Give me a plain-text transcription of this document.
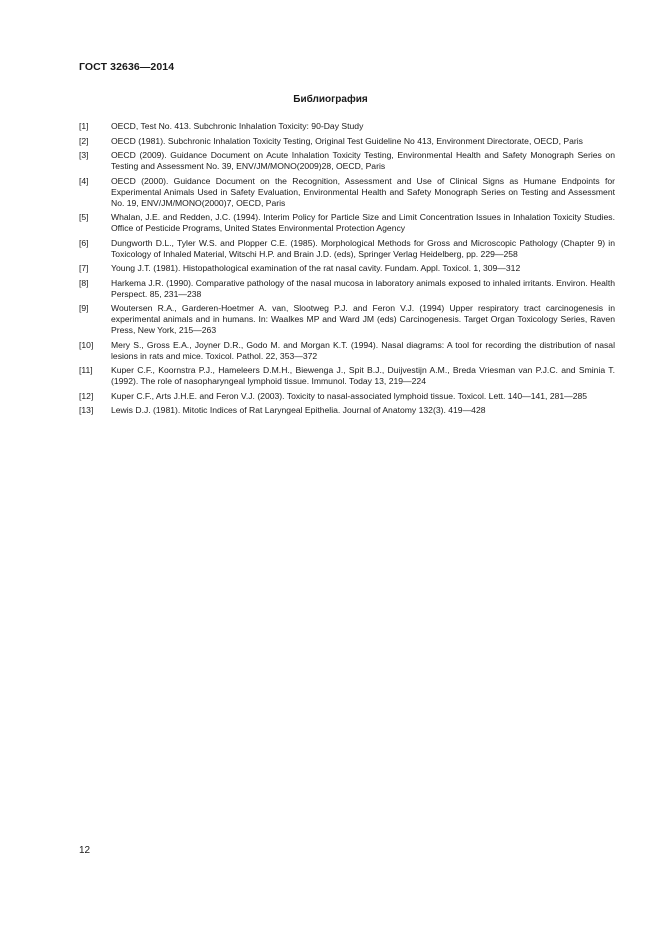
ГОСТ 32636—2014
Библиография
[1]	OECD, Test No. 413. Subchronic Inhalation Toxicity: 90-Day Study
[2]	OECD (1981). Subchronic Inhalation Toxicity Testing, Original Test Guideline No 413, Environment Directorate, OECD, Paris
[3]	OECD (2009). Guidance Document on Acute Inhalation Toxicity Testing, Environmental Health and Safety Monograph Series on Testing and Assessment No. 39, ENV/JM/MONO(2009)28, OECD, Paris
[4]	OECD (2000). Guidance Document on the Recognition, Assessment and Use of Clinical Signs as Humane Endpoints for Experimental Animals Used in Safety Evaluation, Environmental Health and Safety Monograph Series on Testing and Assessment No. 19, ENV/JM/MONO(2000)7, OECD, Paris
[5]	Whalan, J.E. and Redden, J.C. (1994). Interim Policy for Particle Size and Limit Concentration Issues in Inhalation Toxicity Studies. Office of Pesticide Programs, United States Environmental Protection Agency
[6]	Dungworth D.L., Tyler W.S. and Plopper C.E. (1985). Morphological Methods for Gross and Microscopic Pathology (Chapter 9) in Toxicology of Inhaled Material, Witschi H.P. and Brain J.D. (eds), Springer Verlag Heidelberg, pp. 229—258
[7]	Young J.T. (1981). Histopathological examination of the rat nasal cavity. Fundam. Appl. Toxicol. 1, 309—312
[8]	Harkema J.R. (1990). Comparative pathology of the nasal mucosa in laboratory animals exposed to inhaled irritants. Environ. Health Perspect. 85, 231—238
[9]	Woutersen R.A., Garderen-Hoetmer A. van, Slootweg P.J. and Feron V.J. (1994) Upper respiratory tract carcinogenesis in experimental animals and in humans. In: Waalkes MP and Ward JM (eds) Carcinogenesis. Target Organ Toxicology Series, Raven Press, New York, 215—263
[10]	Mery S., Gross E.A., Joyner D.R., Godo M. and Morgan K.T. (1994). Nasal diagrams: A tool for recording the distribution of nasal lesions in rats and mice. Toxicol. Pathol. 22, 353—372
[11]	Kuper C.F., Koornstra P.J., Hameleers D.M.H., Biewenga J., Spit B.J., Duijvestijn A.M., Breda Vriesman van P.J.C. and Sminia T. (1992). The role of nasopharyngeal lymphoid tissue. Immunol. Today 13, 219—224
[12]	Kuper C.F., Arts J.H.E. and Feron V.J. (2003). Toxicity to nasal-associated lymphoid tissue. Toxicol. Lett. 140—141, 281—285
[13]	Lewis D.J. (1981). Mitotic Indices of Rat Laryngeal Epithelia. Journal of Anatomy 132(3). 419—428
12
